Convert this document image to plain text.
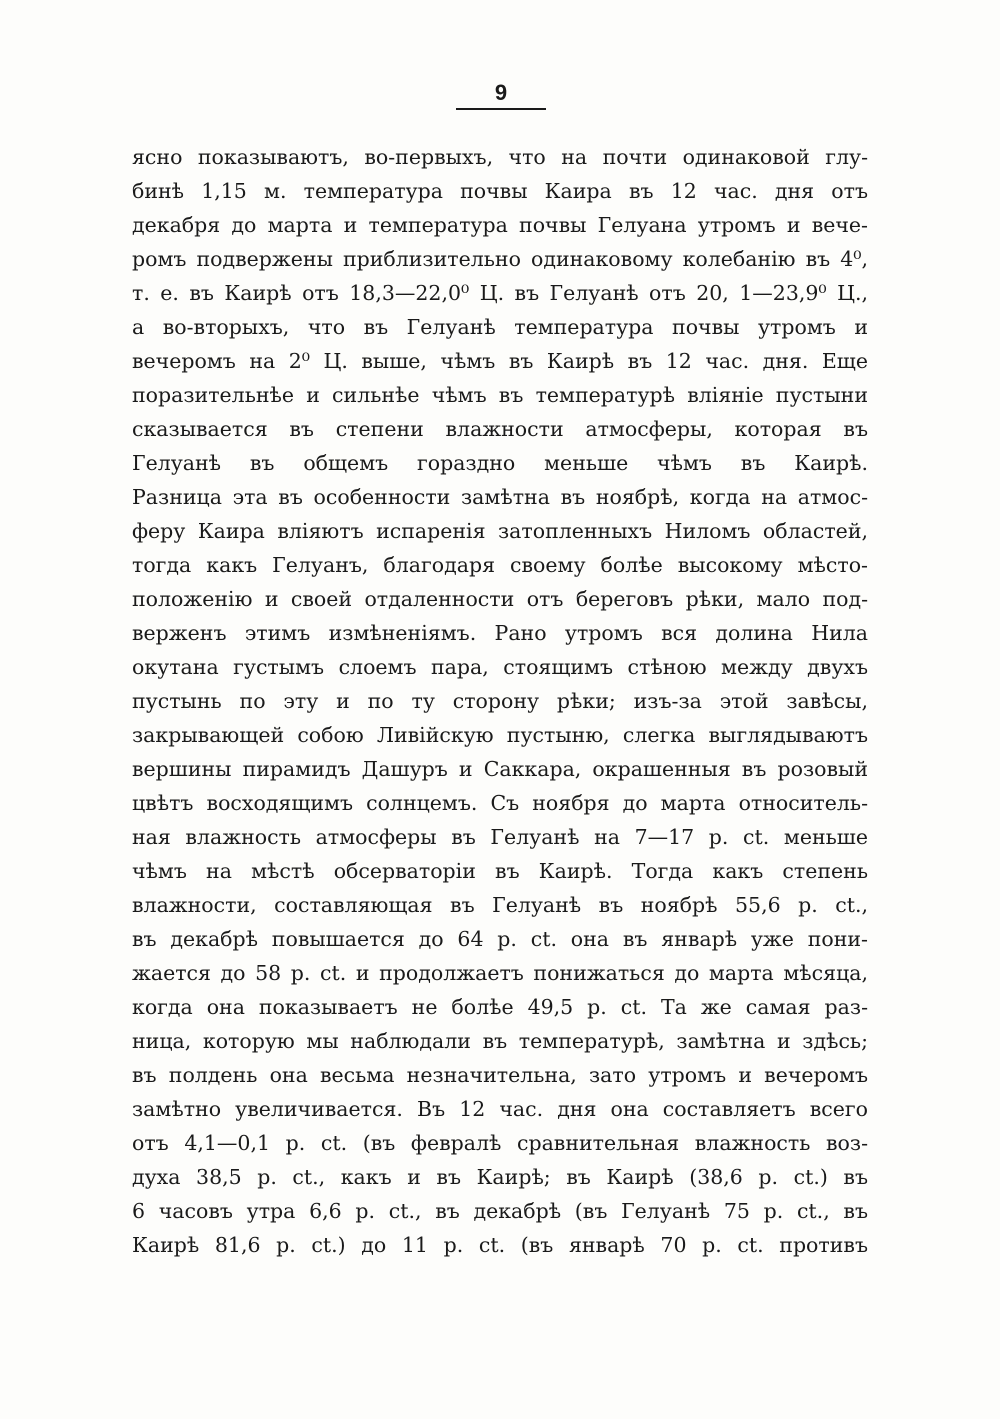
9
ясно показываютъ, во-первыхъ, что на почти одинаковой глу-
бинѣ 1,15 м. температура почвы Каира въ 12 час. дня отъ
декабря до марта и температура почвы Гелуана утромъ и вече-
ромъ подвержены приблизительно одинаковому колебанію въ 4⁰,
т. е. въ Каирѣ отъ 18,3—22,0⁰ Ц. въ Гелуанѣ отъ 20, 1—23,9⁰ Ц.,
а во-вторыхъ, что въ Гелуанѣ температура почвы утромъ и
вечеромъ на 2⁰ Ц. выше, чѣмъ въ Каирѣ въ 12 час. дня. Еще
поразительнѣе и сильнѣе чѣмъ въ температурѣ вліяніе пустыни
сказывается въ степени влажности атмосферы, которая въ
Гелуанѣ въ общемъ гораздно меньше чѣмъ въ Каирѣ.
Разница эта въ особенности замѣтна въ ноябрѣ, когда на атмос-
феру Каира вліяютъ испаренія затопленныхъ Ниломъ областей,
тогда какъ Гелуанъ, благодаря своему болѣе высокому мѣсто-
положенію и своей отдаленности отъ береговъ рѣки, мало под-
верженъ этимъ измѣненіямъ. Рано утромъ вся долина Нила
окутана густымъ слоемъ пара, стоящимъ стѣною между двухъ
пустынь по эту и по ту сторону рѣки; изъ-за этой завѣсы,
закрывающей собою Ливійскую пустыню, слегка выглядываютъ
вершины пирамидъ Дашуръ и Саккара, окрашенныя въ розовый
цвѣтъ восходящимъ солнцемъ. Съ ноября до марта относитель-
ная влажность атмосферы въ Гелуанѣ на 7—17 р. ct. меньше
чѣмъ на мѣстѣ обсерваторіи въ Каирѣ. Тогда какъ степень
влажности, составляющая въ Гелуанѣ въ ноябрѣ 55,6 р. ct.,
въ декабрѣ повышается до 64 р. ct. она въ январѣ уже пони-
жается до 58 р. ct. и продолжаетъ понижаться до марта мѣсяца,
когда она показываетъ не болѣе 49,5 р. ct. Та же самая раз-
ница, которую мы наблюдали въ температурѣ, замѣтна и здѣсь;
въ полдень она весьма незначительна, зато утромъ и вечеромъ
замѣтно увеличивается. Въ 12 час. дня она составляетъ всего
отъ 4,1—0,1 р. ct. (въ февралѣ сравнительная влажность воз-
духа 38,5 р. ct., какъ и въ Каирѣ; въ Каирѣ (38,6 р. ct.) въ
6 часовъ утра 6,6 р. ct., въ декабрѣ (въ Гелуанѣ 75 р. ct., въ
Каирѣ 81,6 р. ct.) до 11 р. ct. (въ январѣ 70 р. ct. противъ
